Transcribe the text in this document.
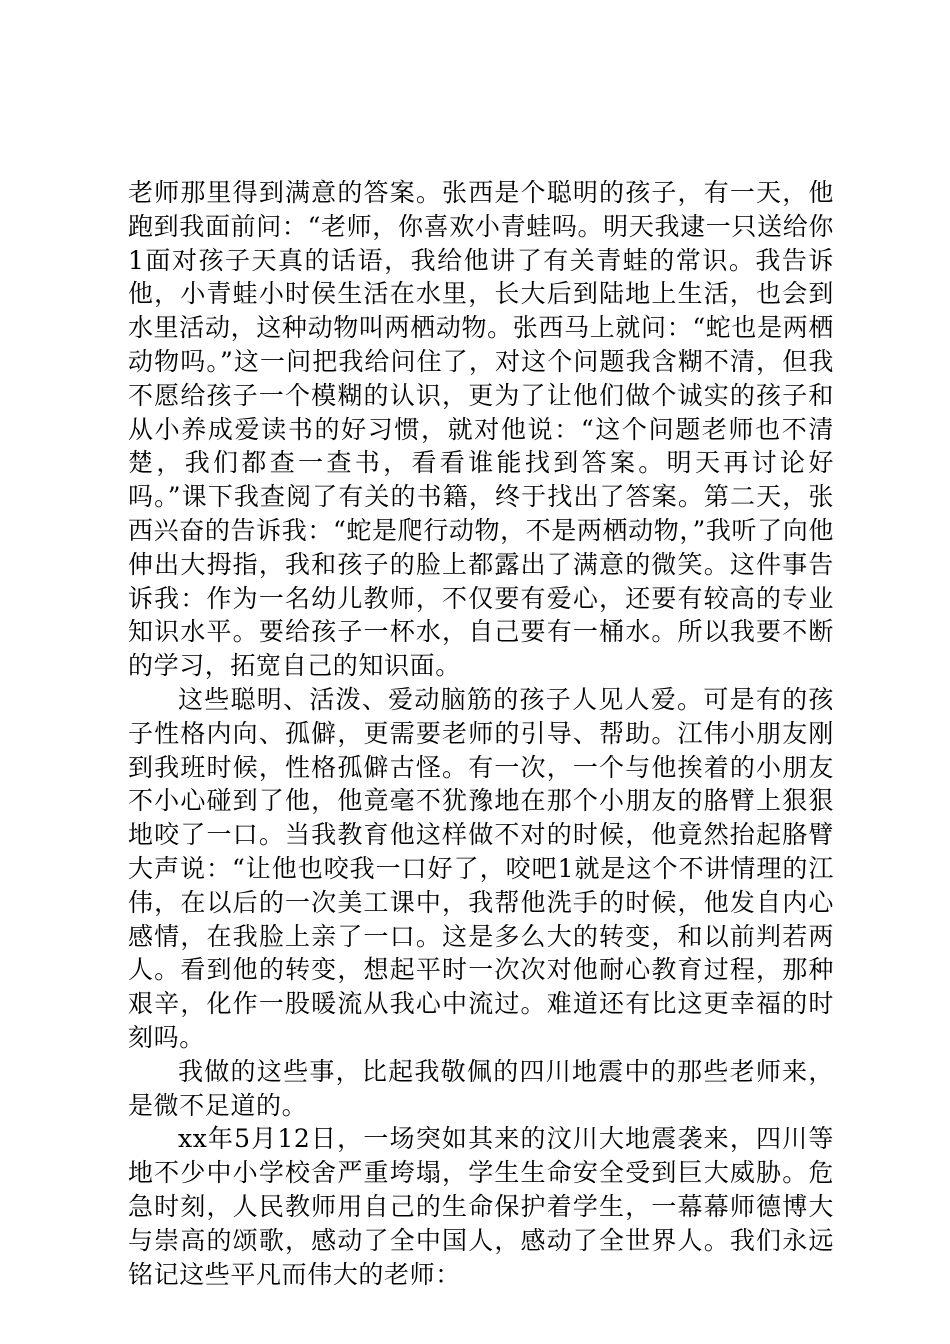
老师那里得到满意的答案。张西是个聪明的孩子，有一天，他跑到我面前问：“老师，你喜欢小青蛙吗。明天我逮一只送给你1面对孩子天真的话语，我给他讲了有关青蛙的常识。我告诉他，小青蛙小时侯生活在水里，长大后到陆地上生活，也会到水里活动，这种动物叫两栖动物。张西马上就问：“蛇也是两栖动物吗。”这一问把我给问住了，对这个问题我含糊不清，但我不愿给孩子一个模糊的认识，更为了让他们做个诚实的孩子和从小养成爱读书的好习惯，就对他说：“这个问题老师也不清楚，我们都查一查书，看看谁能找到答案。明天再讨论好吗。”课下我查阅了有关的书籍，终于找出了答案。第二天，张西兴奋的告诉我：“蛇是爬行动物，不是两栖动物，”我听了向他伸出大拇指，我和孩子的脸上都露出了满意的微笑。这件事告诉我：作为一名幼儿教师，不仅要有爱心，还要有较高的专业知识水平。要给孩子一杯水，自己要有一桶水。所以我要不断的学习，拓宽自己的知识面。

这些聪明、活泼、爱动脑筋的孩子人见人爱。可是有的孩子性格内向、孤僻，更需要老师的引导、帮助。江伟小朋友刚到我班时候，性格孤僻古怪。有一次，一个与他挨着的小朋友不小心碰到了他，他竟毫不犹豫地在那个小朋友的胳臂上狠狠地咬了一口。当我教育他这样做不对的时候，他竟然抬起胳臂大声说：“让他也咬我一口好了，咬吧1就是这个不讲情理的江伟，在以后的一次美工课中，我帮他洗手的时候，他发自内心感情，在我脸上亲了一口。这是多么大的转变，和以前判若两人。看到他的转变，想起平时一次次对他耐心教育过程，那种艰辛，化作一股暖流从我心中流过。难道还有比这更幸福的时刻吗。

我做的这些事，比起我敬佩的四川地震中的那些老师来，是微不足道的。

xx年5月12日，一场突如其来的汶川大地震袭来，四川等地不少中小学校舍严重垮塌，学生生命安全受到巨大威胁。危急时刻，人民教师用自己的生命保护着学生，一幕幕师德博大与崇高的颂歌，感动了全中国人，感动了全世界人。我们永远铭记这些平凡而伟大的老师：
